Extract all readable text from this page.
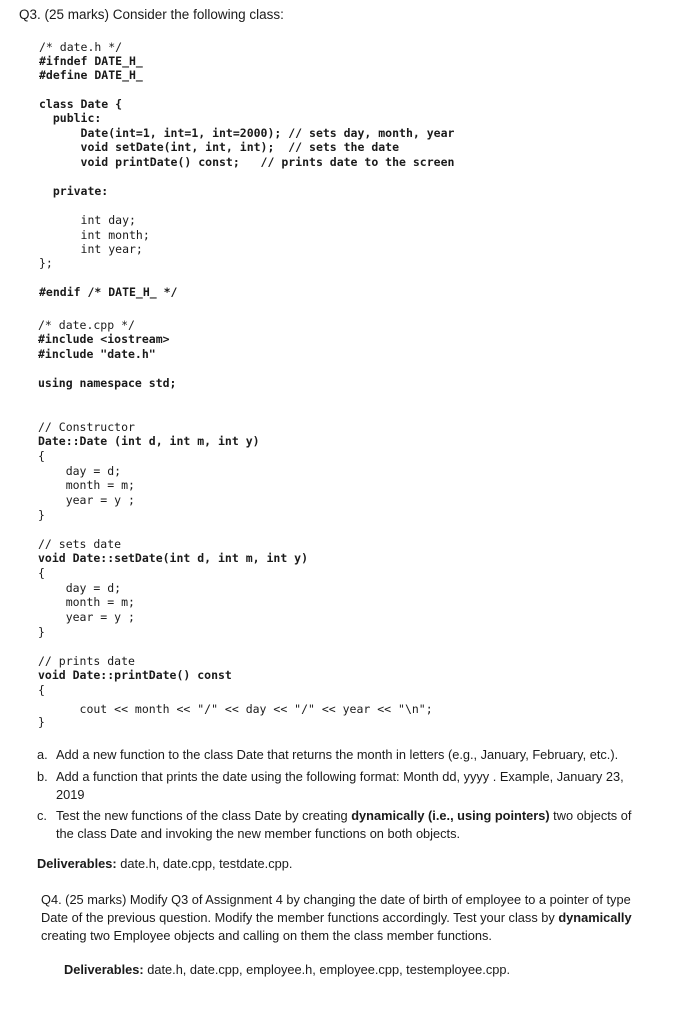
Q3. (25 marks) Consider the following class:

/* date.h */

#ifndef DATE_H_

#define DATE_H_

class Date {

public:

Date(int=1, int=1, int=2000); // sets day, month, year

void setDate(int, int, int);  // sets the date

void printDate() const;   // prints date to the screen

private:

int day;

int month;

int year;

};

#endif /* DATE_H_ */

/* date.cpp */

#include <iostream>

#include "date.h"

using namespace std;

// Constructor

Date::Date (int d, int m, int y)

{

day = d;

month = m;

year = y ;

}

// sets date

void Date::setDate(int d, int m, int y)

{

day = d;

month = m;

year = y ;

}

// prints date

void Date::printDate() const

{

cout << month << "/" << day << "/" << year << "\n";

}

a. Add a new function to the class Date that returns the month in letters (e.g., January, February, etc.).
b. Add a function that prints the date using the following format: Month dd, yyyy . Example, January 23, 2019
c. Test the new functions of the class Date by creating dynamically (i.e., using pointers) two objects of the class Date and invoking the new member functions on both objects.
Deliverables: date.h, date.cpp, testdate.cpp.
Q4. (25 marks) Modify Q3 of Assignment 4 by changing the date of birth of employee to a pointer of type Date of the previous question. Modify the member functions accordingly. Test your class by dynamically creating two Employee objects and calling on them the class member functions.
Deliverables: date.h, date.cpp, employee.h, employee.cpp, testemployee.cpp.
